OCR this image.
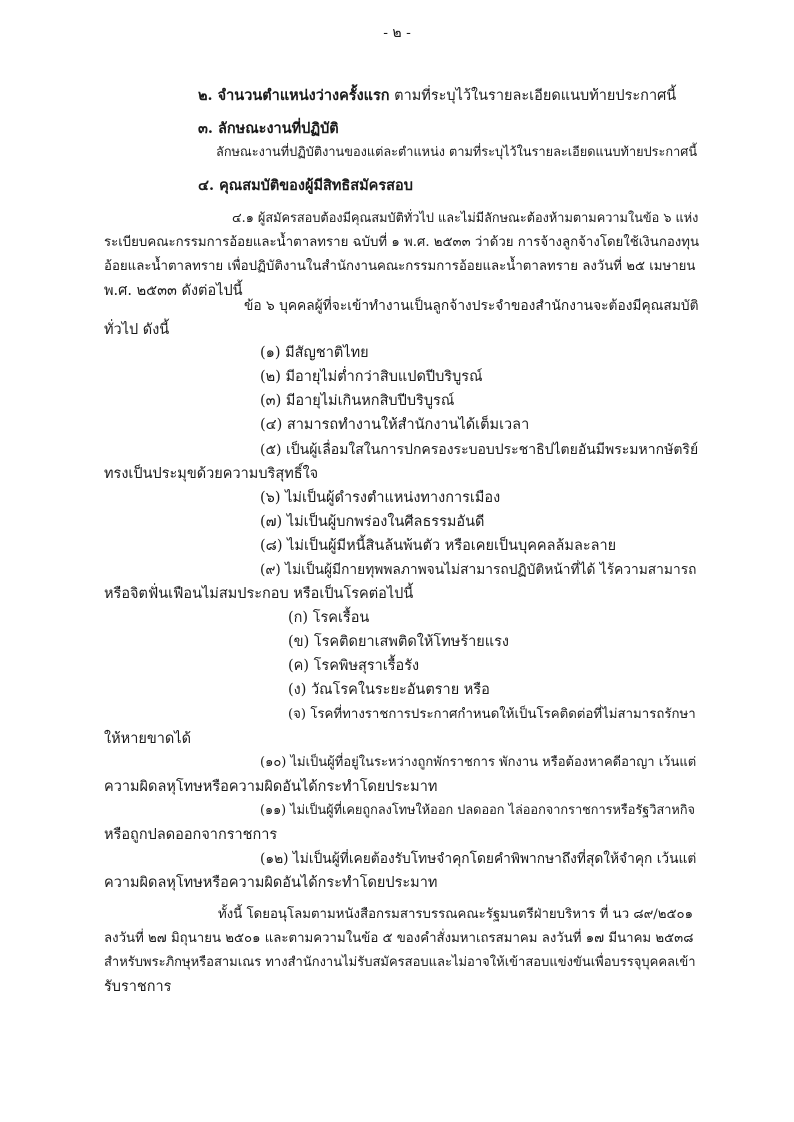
- ๒ -
๒. จำนวนตำแหน่งว่างครั้งแรก ตามที่ระบุไว้ในรายละเอียดแนบท้ายประกาศนี้
๓. ลักษณะงานที่ปฏิบัติ
ลักษณะงานที่ปฏิบัติงานของแต่ละตำแหน่ง ตามที่ระบุไว้ในรายละเอียดแนบท้ายประกาศนี้
๔. คุณสมบัติของผู้มีสิทธิสมัครสอบ
๔.๑ ผู้สมัครสอบต้องมีคุณสมบัติทั่วไป และไม่มีลักษณะต้องห้ามตามความในข้อ ๖ แห่ง
ระเบียบคณะกรรมการอ้อยและน้ำตาลทราย ฉบับที่ ๑ พ.ศ. ๒๕๓๓ ว่าด้วย การจ้างลูกจ้างโดยใช้เงินกองทุน
อ้อยและน้ำตาลทราย เพื่อปฏิบัติงานในสำนักงานคณะกรรมการอ้อยและน้ำตาลทราย ลงวันที่ ๒๕ เมษายน
พ.ศ. ๒๕๓๓ ดังต่อไปนี้
ข้อ ๖ บุคคลผู้ที่จะเข้าทำงานเป็นลูกจ้างประจำของสำนักงานจะต้องมีคุณสมบัติ
ทั่วไป ดังนี้
(๑) มีสัญชาติไทย
(๒) มีอายุไม่ต่ำกว่าสิบแปดปีบริบูรณ์
(๓) มีอายุไม่เกินหกสิบปีบริบูรณ์
(๔) สามารถทำงานให้สำนักงานได้เต็มเวลา
(๕) เป็นผู้เลื่อมใสในการปกครองระบอบประชาธิปไตยอันมีพระมหากษัตริย์
ทรงเป็นประมุขด้วยความบริสุทธิ์ใจ
(๖) ไม่เป็นผู้ดำรงตำแหน่งทางการเมือง
(๗) ไม่เป็นผู้บกพร่องในศีลธรรมอันดี
(๘) ไม่เป็นผู้มีหนี้สินล้นพ้นตัว หรือเคยเป็นบุคคลล้มละลาย
(๙) ไม่เป็นผู้มีกายทุพพลภาพจนไม่สามารถปฏิบัติหน้าที่ได้ ไร้ความสามารถ
หรือจิตฟั่นเฟือนไม่สมประกอบ หรือเป็นโรคต่อไปนี้
(ก) โรคเรื้อน
(ข) โรคติดยาเสพติดให้โทษร้ายแรง
(ค) โรคพิษสุราเรื้อรัง
(ง) วัณโรคในระยะอันตราย หรือ
(จ) โรคที่ทางราชการประกาศกำหนดให้เป็นโรคติดต่อที่ไม่สามารถรักษา
ให้หายขาดได้
(๑๐) ไม่เป็นผู้ที่อยู่ในระหว่างถูกพักราชการ พักงาน หรือต้องหาคดีอาญา เว้นแต่
ความผิดลหุโทษหรือความผิดอันได้กระทำโดยประมาท
(๑๑) ไม่เป็นผู้ที่เคยถูกลงโทษให้ออก ปลดออก ไล่ออกจากราชการหรือรัฐวิสาหกิจ
หรือถูกปลดออกจากราชการ
(๑๒) ไม่เป็นผู้ที่เคยต้องรับโทษจำคุกโดยคำพิพากษาถึงที่สุดให้จำคุก เว้นแต่
ความผิดลหุโทษหรือความผิดอันได้กระทำโดยประมาท
ทั้งนี้ โดยอนุโลมตามหนังสือกรมสารบรรณคณะรัฐมนตรีฝ่ายบริหาร ที่ นว ๘๙/๒๕๐๑
ลงวันที่ ๒๗ มิถุนายน ๒๕๐๑ และตามความในข้อ ๕ ของคำสั่งมหาเถรสมาคม ลงวันที่ ๑๗ มีนาคม ๒๕๓๘
สำหรับพระภิกษุหรือสามเณร ทางสำนักงานไม่รับสมัครสอบและไม่อาจให้เข้าสอบแข่งขันเพื่อบรรจุบุคคลเข้า
รับราชการ
